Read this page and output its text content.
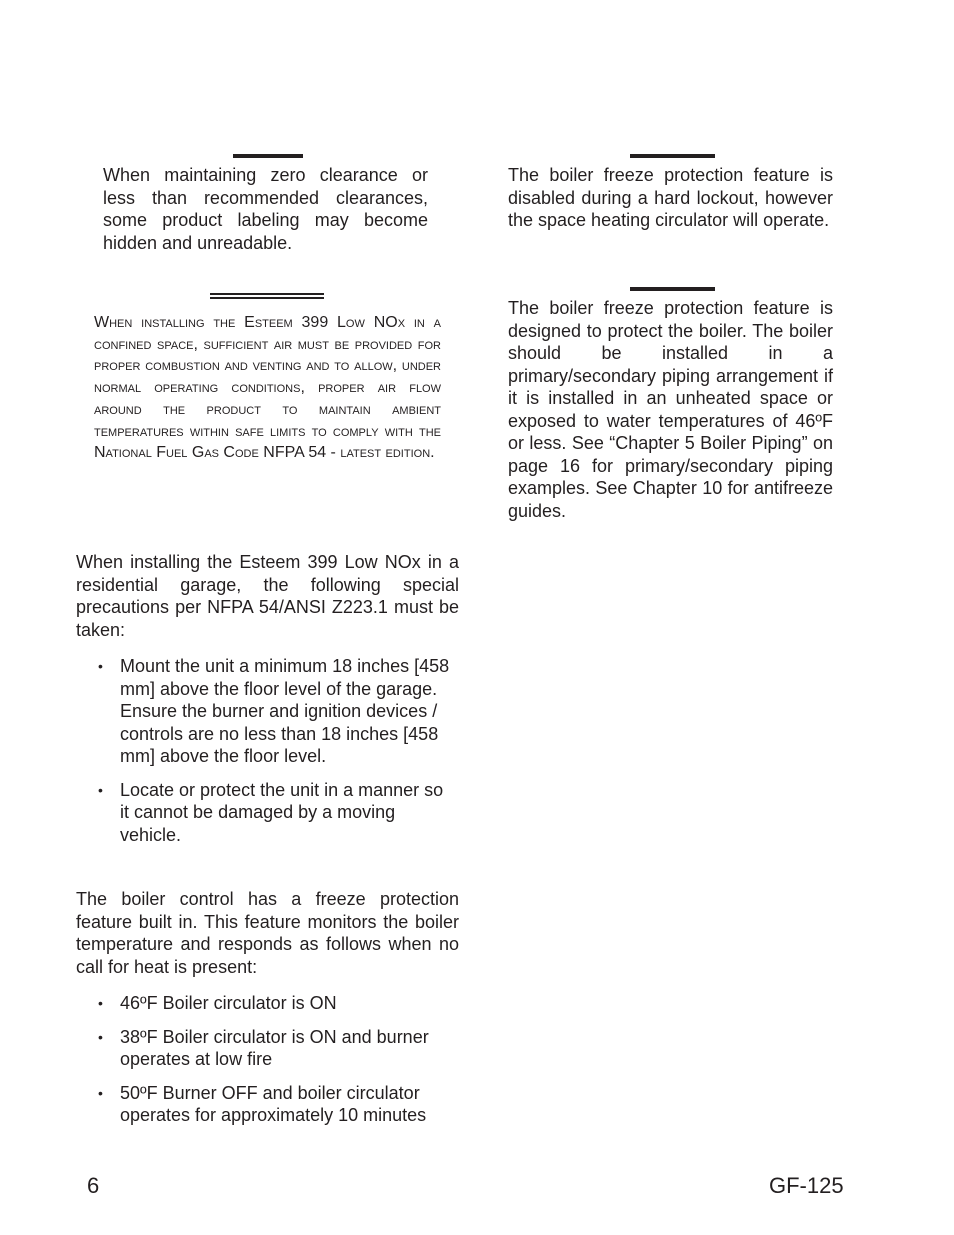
When maintaining zero clearance or less than recommended clearances, some product labeling may become hidden and unreadable.

When installing the Esteem 399 Low NOx in a confined space, sufficient air must be provided for proper combustion and venting and to allow, under normal operating conditions, proper air flow around the product to maintain ambient temperatures within safe limits to comply with the National Fuel Gas Code NFPA 54 - latest edition.

When installing the Esteem 399 Low NOx in a residential garage, the following special precautions per NFPA 54/ANSI Z223.1 must be taken:

• Mount the unit a minimum 18 inches [458 mm] above the floor level of the garage. Ensure the burner and ignition devices / controls are no less than 18 inches [458 mm] above the floor level.
• Locate or protect the unit in a manner so it cannot be damaged by a moving vehicle.

The boiler control has a freeze protection feature built in. This feature monitors the boiler temperature and responds as follows when no call for heat is present:

• 46ºF Boiler circulator is ON
• 38ºF Boiler circulator is ON and burner operates at low fire
• 50ºF Burner OFF and boiler circulator operates for approximately 10 minutes

The boiler freeze protection feature is disabled during a hard lockout, however the space heating circulator will operate.

The boiler freeze protection feature is designed to protect the boiler. The boiler should be installed in a primary/secondary piping arrangement if it is installed in an unheated space or exposed to water temperatures of 46ºF or less. See “Chapter 5 Boiler Piping” on page 16 for primary/secondary piping examples. See Chapter 10 for antifreeze guides.

6	GF-125
